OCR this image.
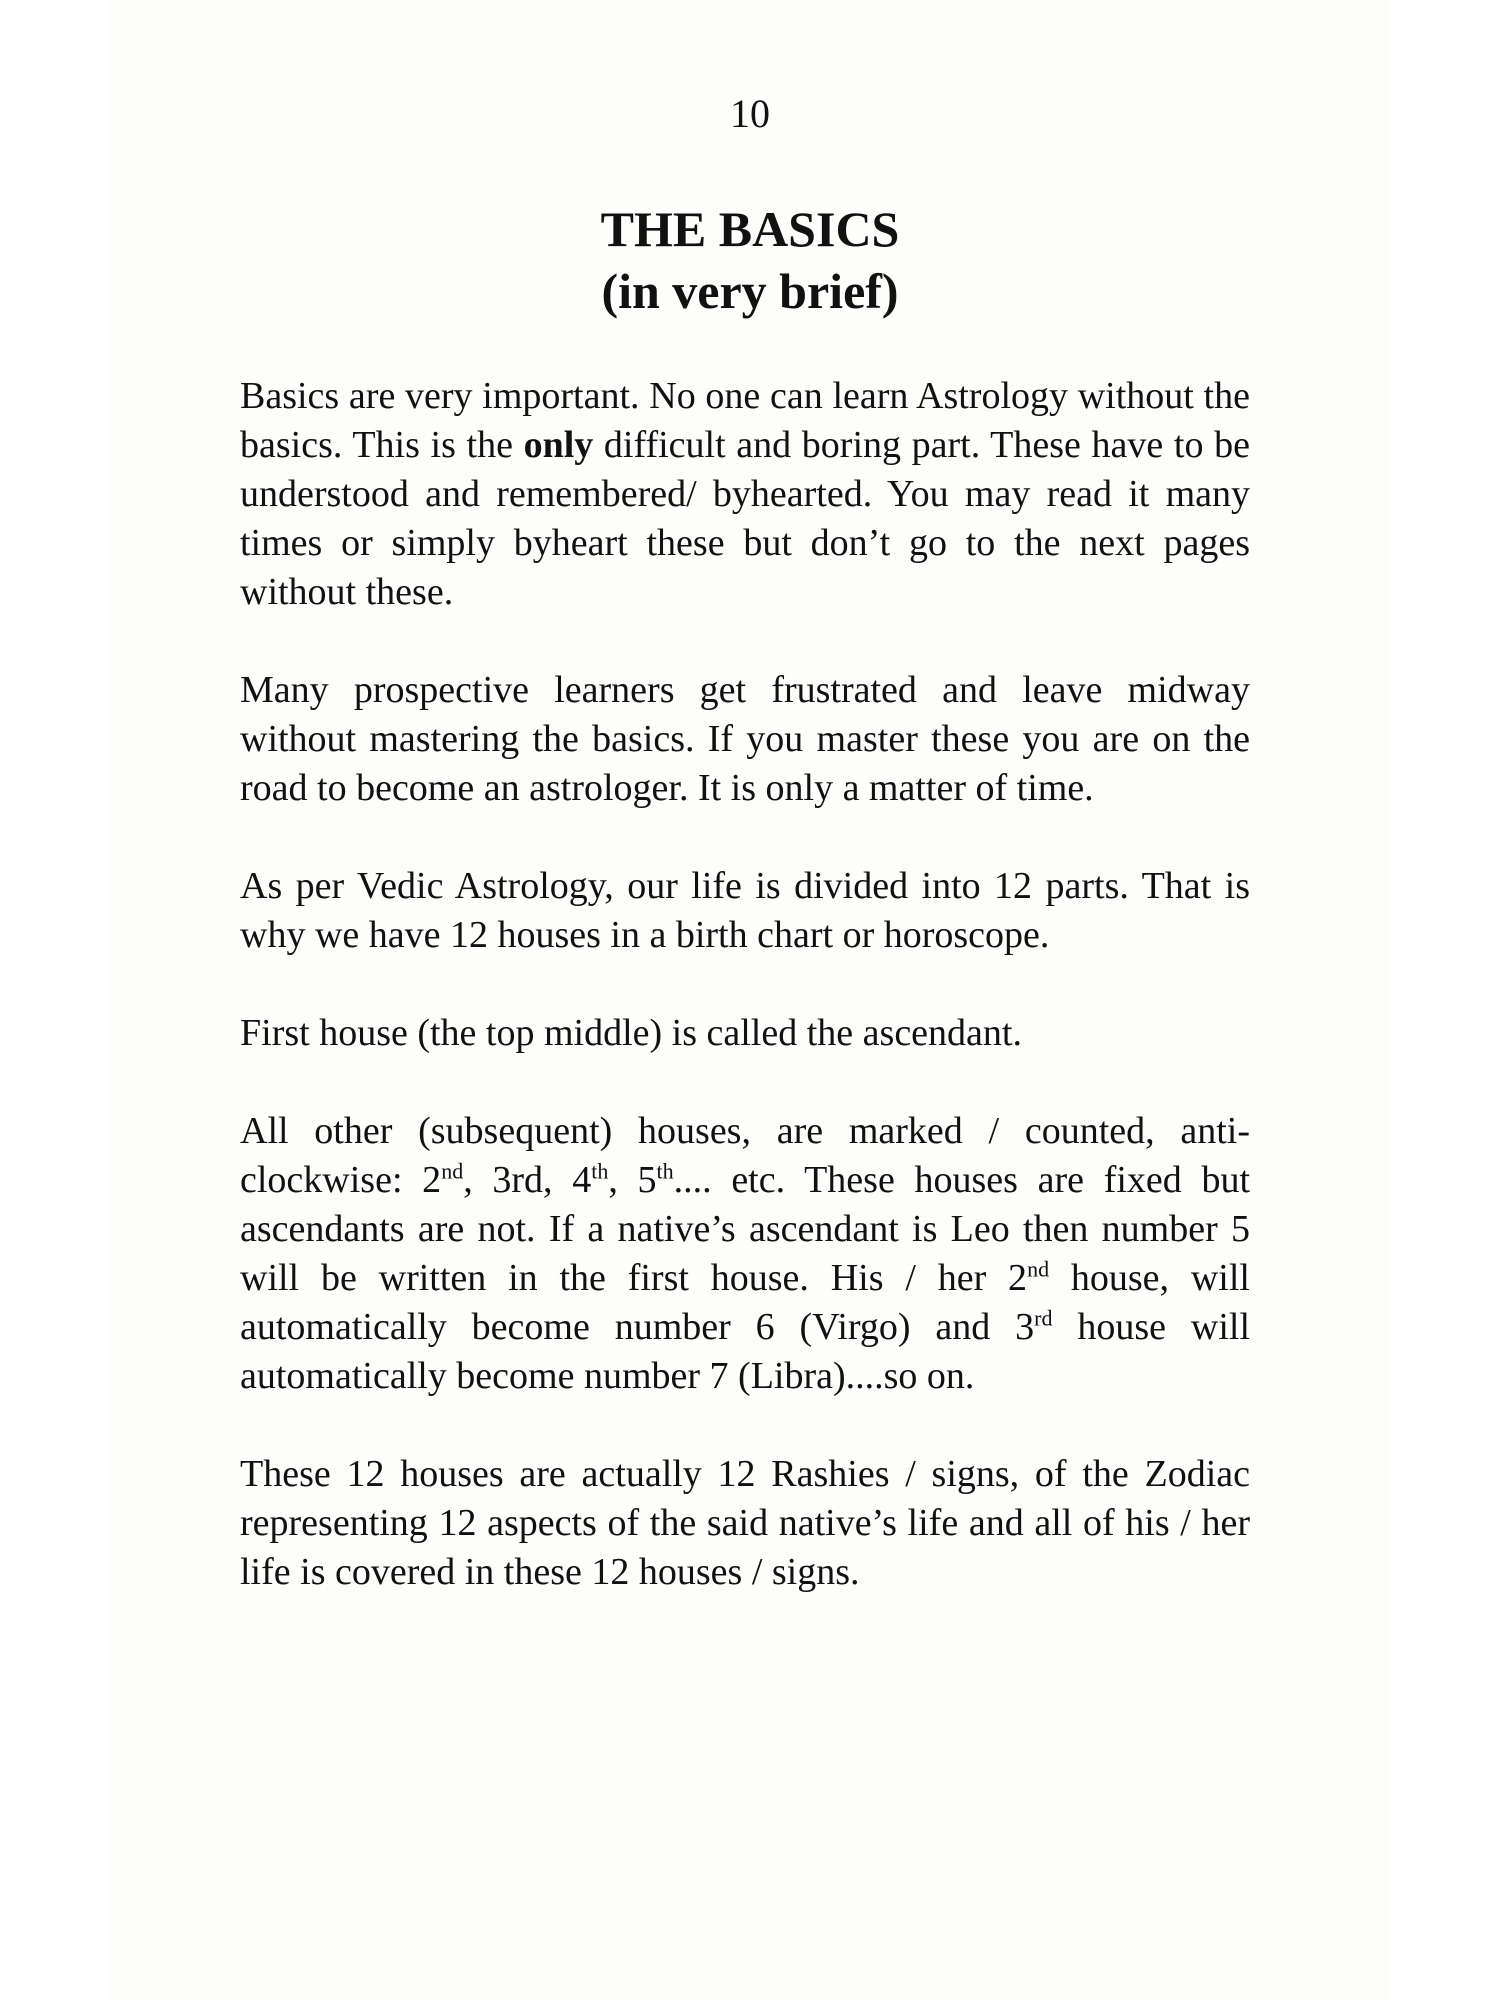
10
THE BASICS
(in very brief)

Basics are very important. No one can learn Astrology without the basics. This is the only difficult and boring part. These have to be understood and remembered/ byhearted. You may read it many times or simply byheart these but don’t go to the next pages without these.

Many prospective learners get frustrated and leave midway without mastering the basics. If you master these you are on the road to become an astrologer. It is only a matter of time.

As per Vedic Astrology, our life is divided into 12 parts. That is why we have 12 houses in a birth chart or horoscope.

First house (the top middle) is called the ascendant.

All other (subsequent) houses, are marked / counted, anti-clockwise: 2nd, 3rd, 4th, 5th.... etc. These houses are fixed but ascendants are not. If a native’s ascendant is Leo then number 5 will be written in the first house. His / her 2nd house, will automatically become number 6 (Virgo) and 3rd house will automatically become number 7 (Libra)....so on.

These 12 houses are actually 12 Rashies / signs, of the Zodiac representing 12 aspects of the said native’s life and all of his / her life is covered in these 12 houses / signs.
